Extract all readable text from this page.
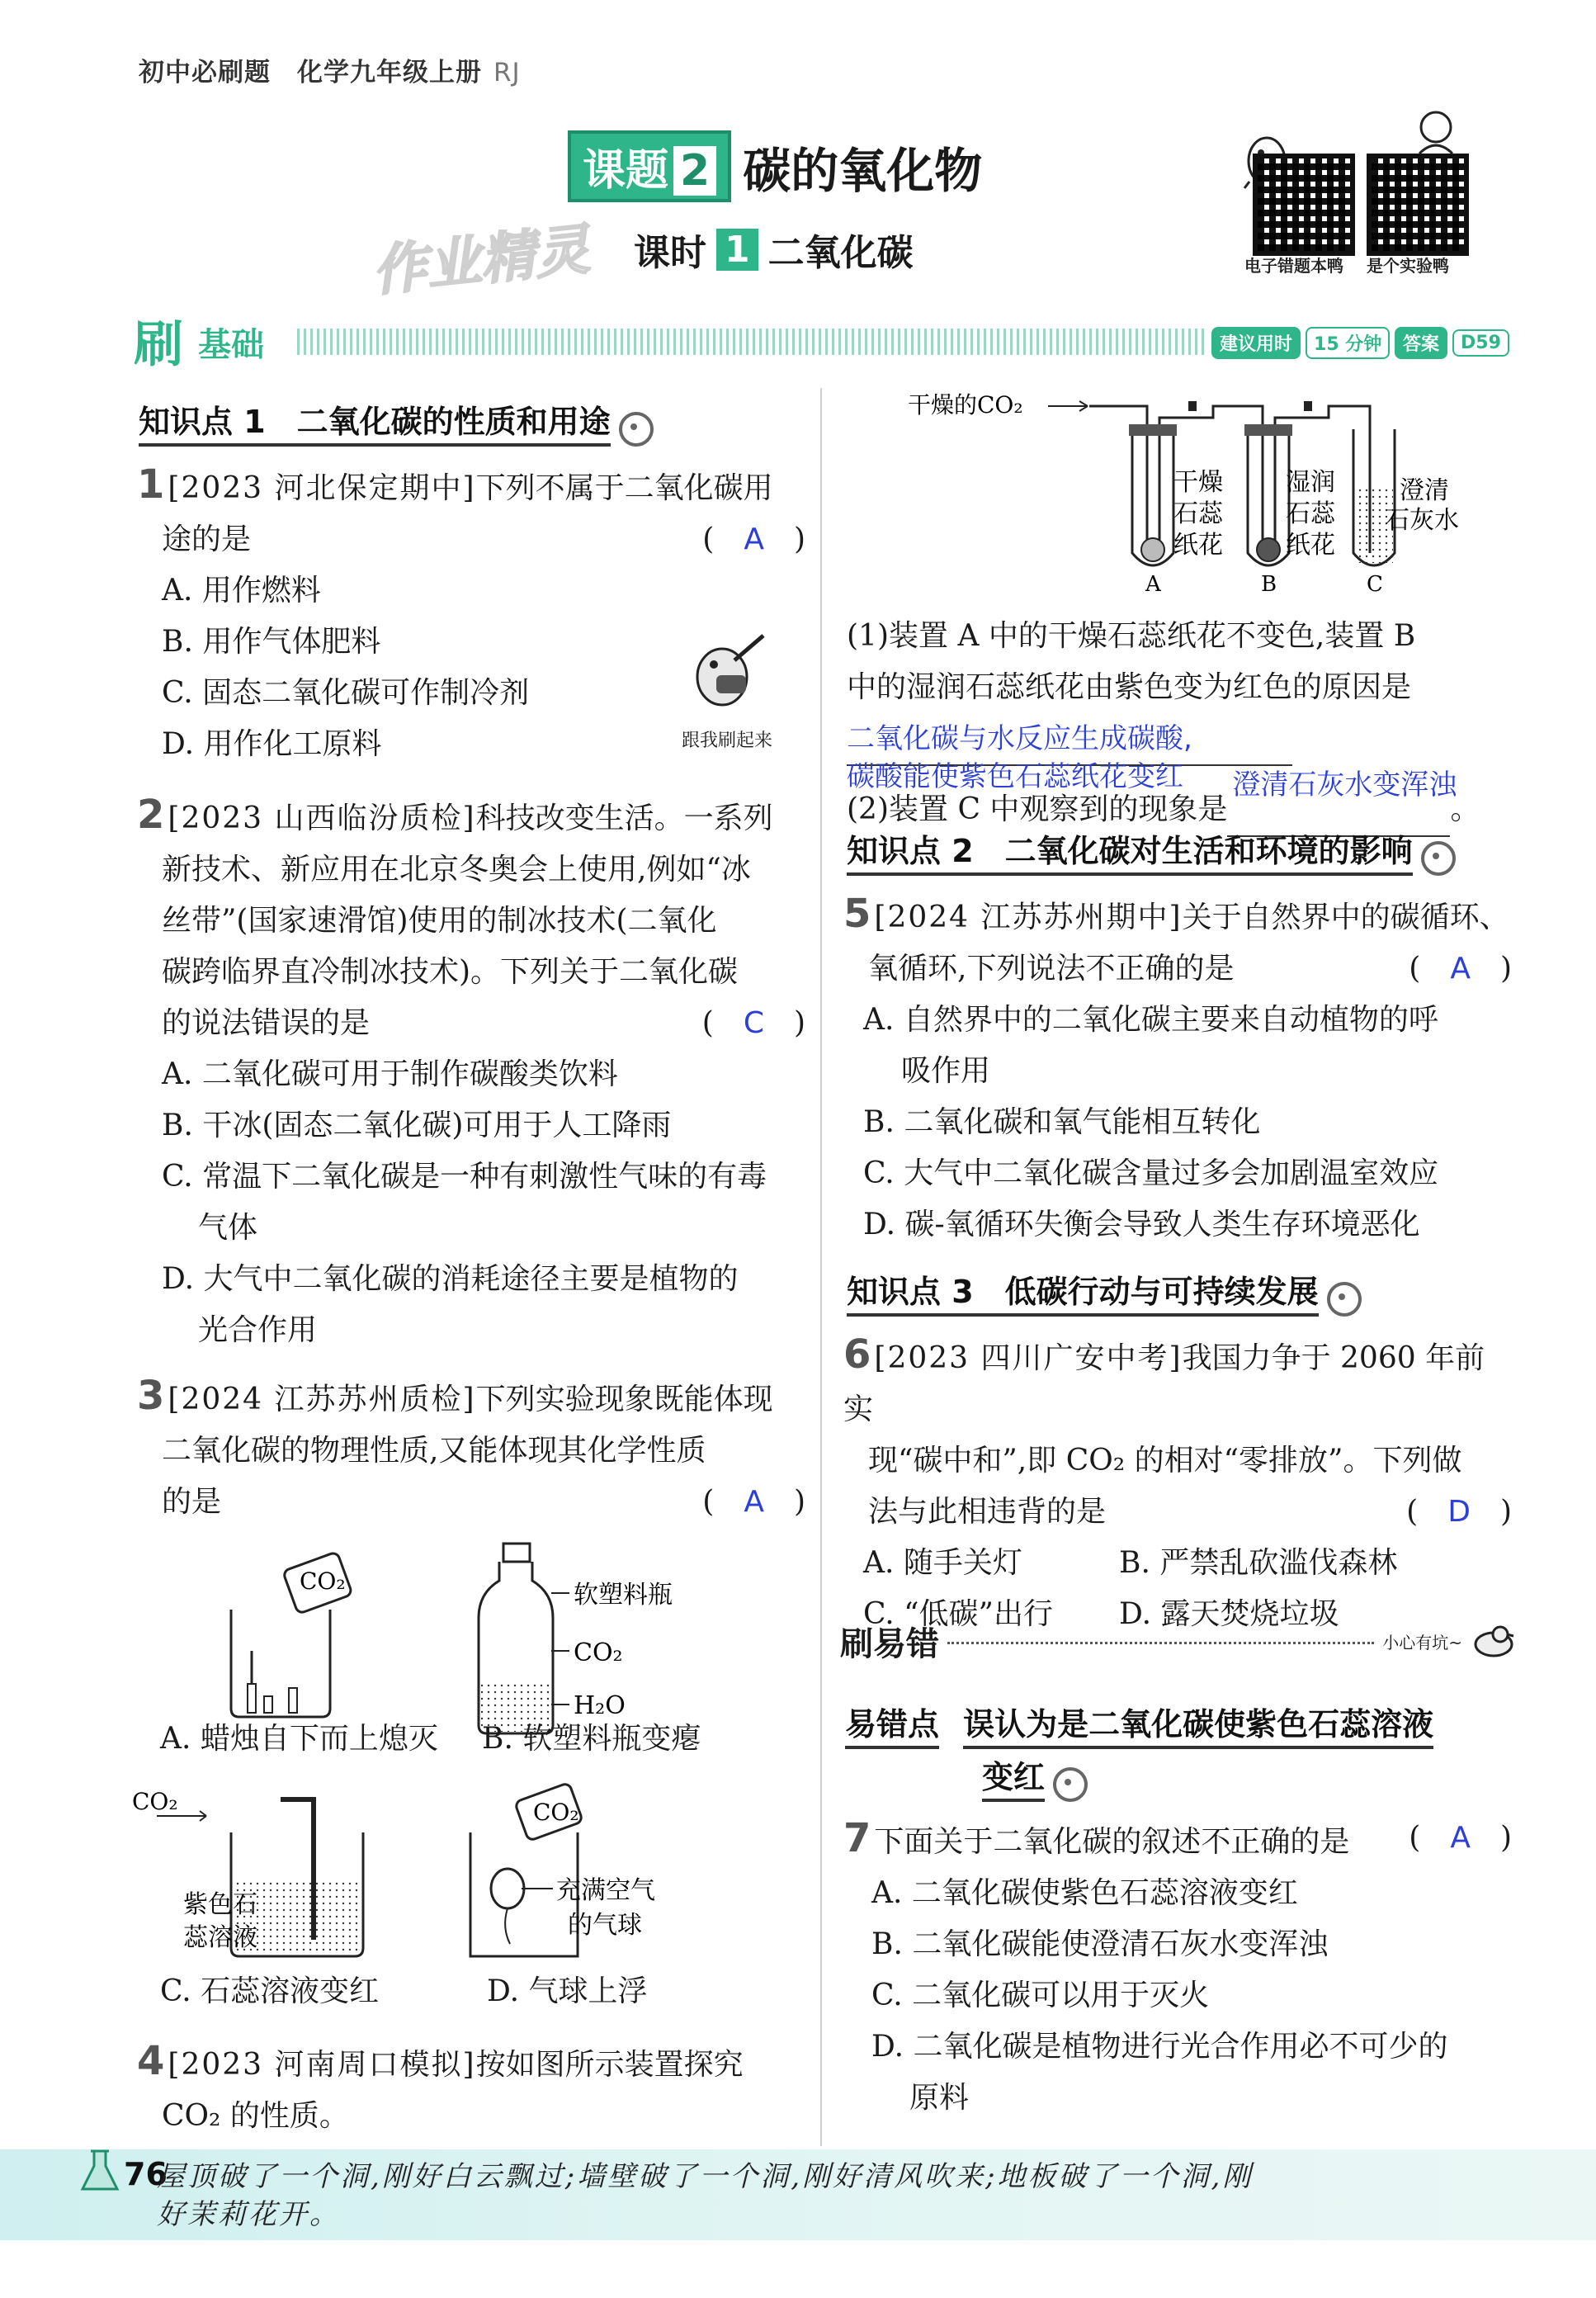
初中必刷题　化学九年级上册 RJ
作业精灵
课题 2 碳的氧化物
课时 1 二氧化碳	电子错题本鸭 是个实验鸭
刷 基础	建议用时	15 分钟	答案	D59
知识点 1　二氧化碳的性质和用途
1 [2023 河北保定期中]下列不属于二氧化碳用
途的是	(　A　)
A. 用作燃料
B. 用作气体肥料
C. 固态二氧化碳可作制冷剂
D. 用作化工原料	跟我刷起来
2 [2023 山西临汾质检]科技改变生活。一系列
新技术、新应用在北京冬奥会上使用,例如“冰
丝带”(国家速滑馆)使用的制冰技术(二氧化
碳跨临界直冷制冰技术)。下列关于二氧化碳
的说法错误的是	(　C　)
A. 二氧化碳可用于制作碳酸类饮料
B. 干冰(固态二氧化碳)可用于人工降雨
C. 常温下二氧化碳是一种有刺激性气味的有毒
气体
D. 大气中二氧化碳的消耗途径主要是植物的
光合作用
3 [2024 江苏苏州质检]下列实验现象既能体现
二氧化碳的物理性质,又能体现其化学性质
的是	(　A　)
CO₂	软塑料瓶
CO₂
H₂O
CO₂
紫色石
蕊溶液
CO₂
充满空气
的气球
A. 蜡烛自下而上熄灭 B. 软塑料瓶变瘪
C. 石蕊溶液变红	D. 气球上浮
4 [2023 河南周口模拟]按如图所示装置探究
CO₂ 的性质。
干燥的CO₂
干燥
石蕊
纸花
湿润
石蕊
纸花
澄清
石灰水
A	B	C
(1)装置 A 中的干燥石蕊纸花不变色,装置 B
中的湿润石蕊纸花由紫色变为红色的原因是
二氧化碳与水反应生成碳酸,
碳酸能使紫色石蕊纸花变红
(2)装置 C 中观察到的现象是
澄清石灰水变浑浊
。
知识点 2　二氧化碳对生活和环境的影响
5 [2024 江苏苏州期中]关于自然界中的碳循环、
氧循环,下列说法不正确的是	(　A　)
A. 自然界中的二氧化碳主要来自动植物的呼
吸作用
B. 二氧化碳和氧气能相互转化
C. 大气中二氧化碳含量过多会加剧温室效应
D. 碳-氧循环失衡会导致人类生存环境恶化
知识点 3　低碳行动与可持续发展
6 [2023 四川广安中考]我国力争于 2060 年前实
现“碳中和”,即 CO₂ 的相对“零排放”。下列做
法与此相违背的是	(　D　)
A. 随手关灯	B. 严禁乱砍滥伐森林
C. “低碳”出行	D. 露天焚烧垃圾
刷易错	小心有坑~
易错点 误认为是二氧化碳使紫色石蕊溶液
变红
7 下面关于二氧化碳的叙述不正确的是 (　A　)
A. 二氧化碳使紫色石蕊溶液变红
B. 二氧化碳能使澄清石灰水变浑浊
C. 二氧化碳可以用于灭火
D. 二氧化碳是植物进行光合作用必不可少的
原料
76
屋顶破了一个洞,刚好白云飘过;墙壁破了一个洞,刚好清风吹来;地板破了一个洞,刚
好茉莉花开。
